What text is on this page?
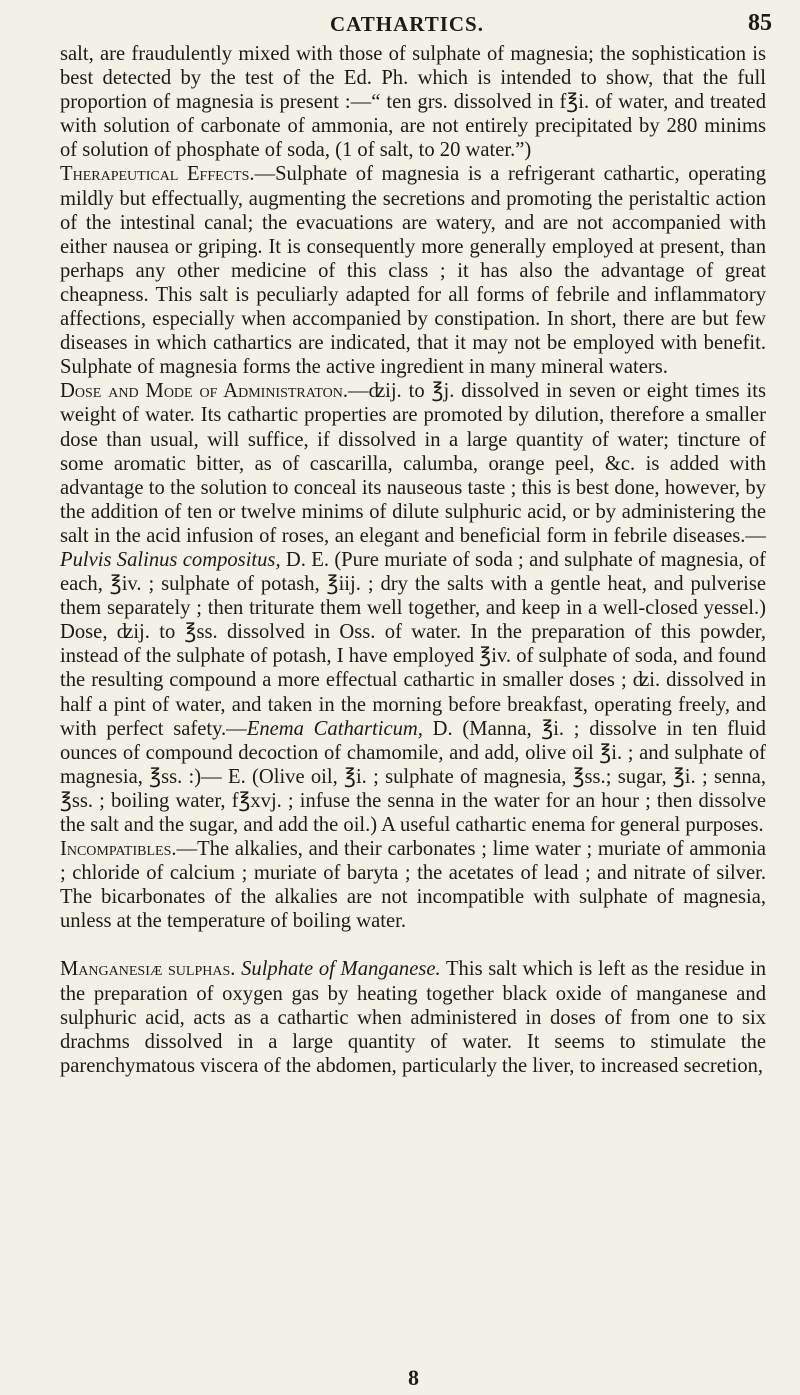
CATHARTICS.	85

salt, are fraudulently mixed with those of sulphate of magnesia; the sophistication is best detected by the test of the Ed. Ph. which is intended to show, that the full proportion of magnesia is present :—“ ten grs. dissolved in f℥i. of water, and treated with solution of carbonate of ammonia, are not entirely precipitated by 280 minims of solution of phosphate of soda, (1 of salt, to 20 water.”)

Therapeutical Effects.—Sulphate of magnesia is a refrigerant cathartic, operating mildly but effectually, augmenting the secretions and promoting the peristaltic action of the intestinal canal; the evacuations are watery, and are not accompanied with either nausea or griping. It is consequently more generally employed at present, than perhaps any other medicine of this class ; it has also the advantage of great cheapness. This salt is peculiarly adapted for all forms of febrile and inflammatory affections, especially when accompanied by constipation. In short, there are but few diseases in which cathartics are indicated, that it may not be employed with benefit. Sulphate of magnesia forms the active ingredient in many mineral waters.

Dose and Mode of Administraton.—ʣij. to ℥j. dissolved in seven or eight times its weight of water. Its cathartic properties are promoted by dilution, therefore a smaller dose than usual, will suffice, if dissolved in a large quantity of water; tincture of some aromatic bitter, as of cascarilla, calumba, orange peel, &c. is added with advantage to the solution to conceal its nauseous taste ; this is best done, however, by the addition of ten or twelve minims of dilute sulphuric acid, or by administering the salt in the acid infusion of roses, an elegant and beneficial form in febrile diseases.—Pulvis Salinus compositus, D. E. (Pure muriate of soda ; and sulphate of magnesia, of each, ℥iv. ; sulphate of potash, ℥iij. ; dry the salts with a gentle heat, and pulverise them separately ; then triturate them well together, and keep in a well-closed yessel.) Dose, ʣij. to ℥ss. dissolved in Oss. of water. In the preparation of this powder, instead of the sulphate of potash, I have employed ℥iv. of sulphate of soda, and found the resulting compound a more effectual cathartic in smaller doses ; ʣi. dissolved in half a pint of water, and taken in the morning before breakfast, operating freely, and with perfect safety.—Enema Catharticum, D. (Manna, ℥i. ; dissolve in ten fluid ounces of compound decoction of chamomile, and add, olive oil ℥i. ; and sulphate of magnesia, ℥ss. :)— E. (Olive oil, ℥i. ; sulphate of magnesia, ℥ss.; sugar, ℥i. ; senna, ℥ss. ; boiling water, f℥xvj. ; infuse the senna in the water for an hour ; then dissolve the salt and the sugar, and add the oil.) A useful cathartic enema for general purposes.

Incompatibles.—The alkalies, and their carbonates ; lime water ; muriate of ammonia ; chloride of calcium ; muriate of baryta ; the acetates of lead ; and nitrate of silver. The bicarbonates of the alkalies are not incompatible with sulphate of magnesia, unless at the temperature of boiling water.

Manganesiæ sulphas. Sulphate of Manganese. This salt which is left as the residue in the preparation of oxygen gas by heating together black oxide of manganese and sulphuric acid, acts as a cathartic when administered in doses of from one to six drachms dissolved in a large quantity of water. It seems to stimulate the parenchymatous viscera of the abdomen, particularly the liver, to increased secretion,

8
